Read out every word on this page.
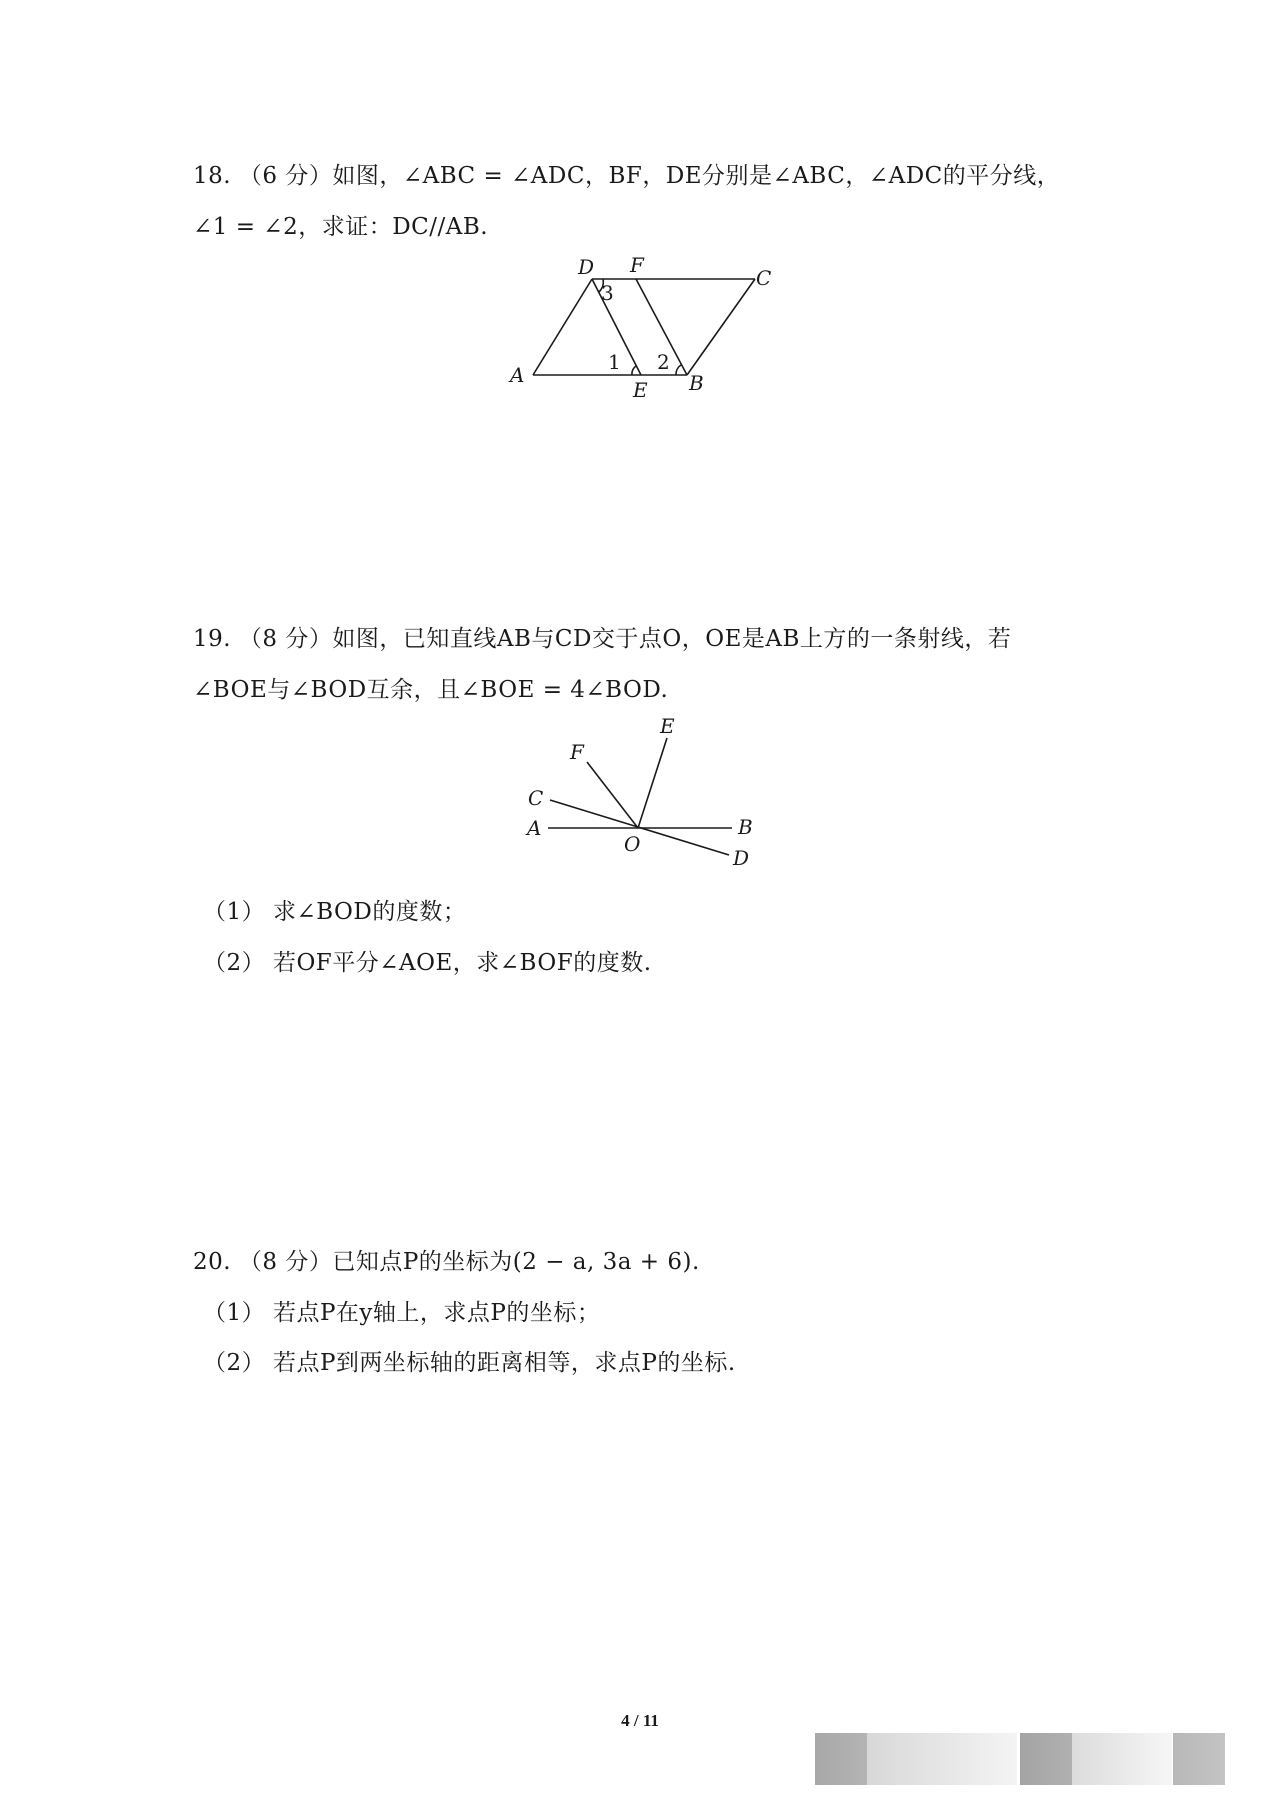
18. （6 分）如图，∠ABC = ∠ADC，BF，DE分别是∠ABC，∠ADC的平分线，
∠1 = ∠2，求证：DC//AB.
D F
C
3
A
1 2
E B
19. （8 分）如图，已知直线AB与CD交于点O，OE是AB上方的一条射线，若
∠BOE与∠BOD互余，且∠BOE = 4∠BOD.
E
F
C
A
O
B
D
（1） 求∠BOD的度数；
（2） 若OF平分∠AOE，求∠BOF的度数.
20. （8 分）已知点P的坐标为(2 − a, 3a + 6).
（1） 若点P在y轴上，求点P的坐标；
（2） 若点P到两坐标轴的距离相等，求点P的坐标.
4 / 11
